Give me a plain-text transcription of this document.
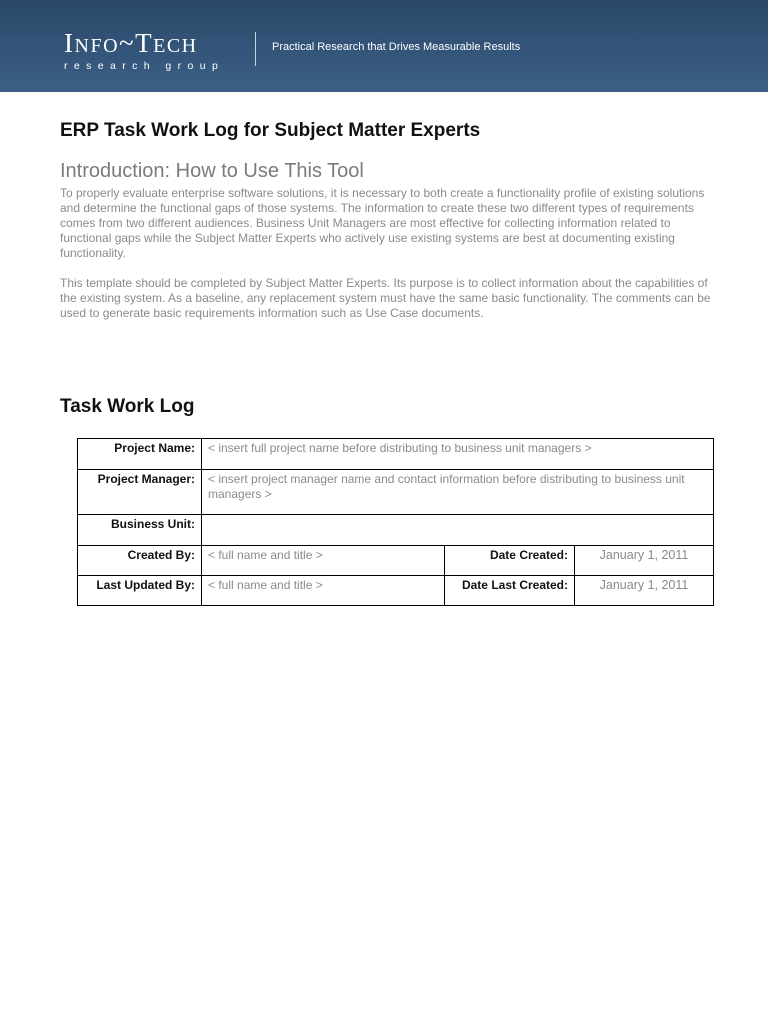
INFO~TECH
research group
Practical Research that Drives Measurable Results
ERP Task Work Log for Subject Matter Experts
Introduction: How to Use This Tool

To properly evaluate enterprise software solutions, it is necessary to both create a functionality profile of existing solutions and determine the functional gaps of those systems. The information to create these two different types of requirements comes from two different audiences. Business Unit Managers are most effective for collecting information related to functional gaps while the Subject Matter Experts who actively use existing systems are best at documenting existing functionality.

This template should be completed by Subject Matter Experts. Its purpose is to collect information about the capabilities of the existing system. As a baseline, any replacement system must have the same basic functionality. The comments can be used to generate basic requirements information such as Use Case documents.

Task Work Log
Project Name:	< insert full project name before distributing to business unit managers >		
Project Manager:	< insert project manager name and contact information before distributing to business unit managers >		
Business Unit:			
Created By:	< full name and title >	Date Created:	January 1, 2011
Last Updated By:	< full name and title >	Date Last Created:	January 1, 2011
